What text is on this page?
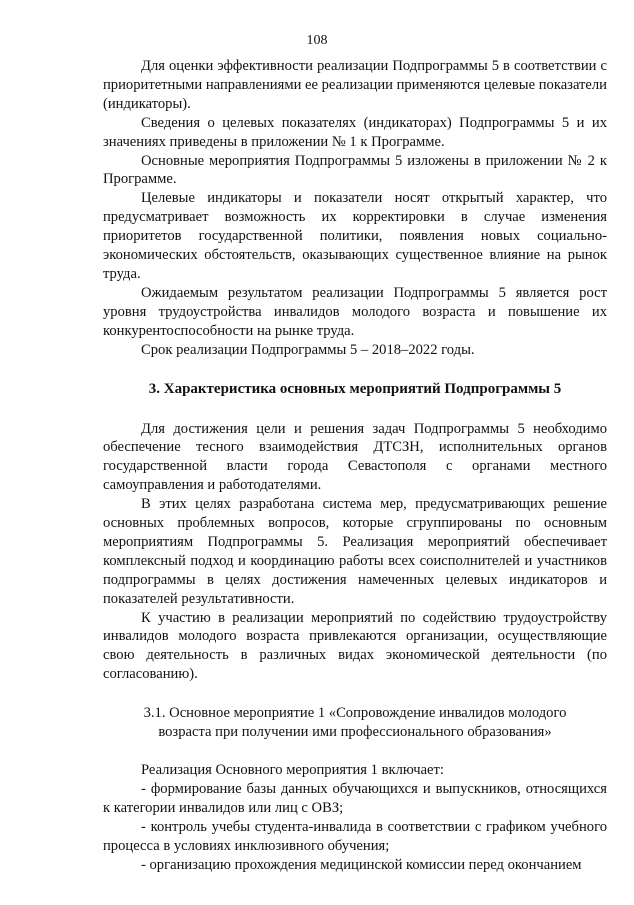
108

Для оценки эффективности реализации Подпрограммы 5 в соответствии с приоритетными направлениями ее реализации применяются целевые показатели (индикаторы).

Сведения о целевых показателях (индикаторах) Подпрограммы 5 и их значениях приведены в приложении № 1 к Программе.

Основные мероприятия Подпрограммы 5 изложены в приложении № 2 к Программе.

Целевые индикаторы и показатели носят открытый характер, что предусматривает возможность их корректировки в случае изменения приоритетов государственной политики, появления новых социально-экономических обстоятельств, оказывающих существенное влияние на рынок труда.

Ожидаемым результатом реализации Подпрограммы 5 является рост уровня трудоустройства инвалидов молодого возраста и повышение их конкурентоспособности на рынке труда.

Срок реализации Подпрограммы 5 – 2018–2022 годы.

3. Характеристика основных мероприятий Подпрограммы 5

Для достижения цели и решения задач Подпрограммы 5 необходимо обеспечение тесного взаимодействия ДТСЗН, исполнительных органов государственной власти города Севастополя с органами местного самоуправления и работодателями.

В этих целях разработана система мер, предусматривающих решение основных проблемных вопросов, которые сгруппированы по основным мероприятиям Подпрограммы 5. Реализация мероприятий обеспечивает комплексный подход и координацию работы всех соисполнителей и участников подпрограммы в целях достижения намеченных целевых индикаторов и показателей результативности.

К участию в реализации мероприятий по содействию трудоустройству инвалидов молодого возраста привлекаются организации, осуществляющие свою деятельность в различных видах экономической деятельности (по согласованию).

3.1. Основное мероприятие 1 «Сопровождение инвалидов молодого возраста при получении ими профессионального образования»

Реализация Основного мероприятия 1 включает:

- формирование базы данных обучающихся и выпускников, относящихся к категории инвалидов или лиц с ОВЗ;

- контроль учебы студента-инвалида в соответствии с графиком учебного процесса в условиях инклюзивного обучения;

- организацию прохождения медицинской комиссии перед окончанием
